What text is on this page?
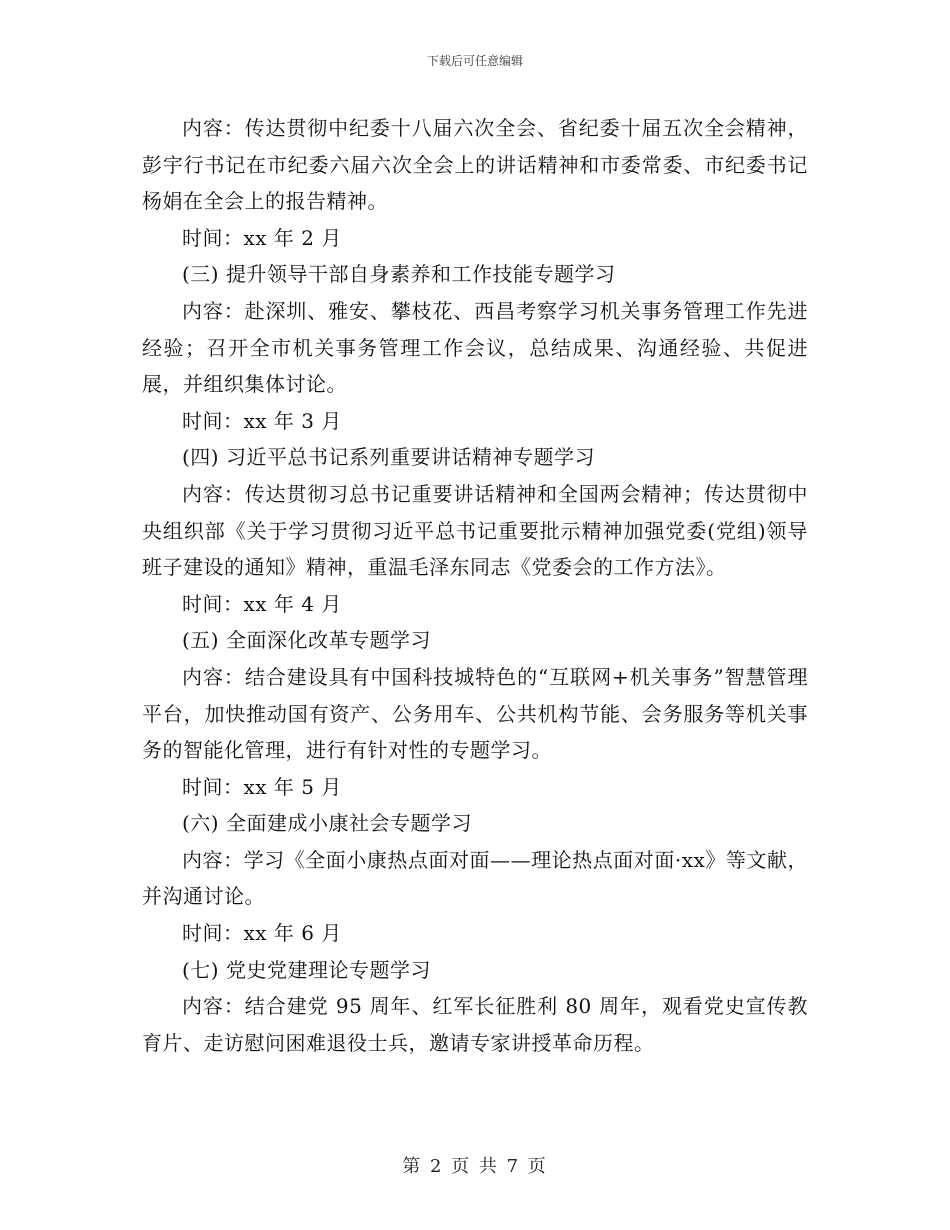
下载后可任意编辑

内容：传达贯彻中纪委十八届六次全会、省纪委十届五次全会精神，彭宇行书记在市纪委六届六次全会上的讲话精神和市委常委、市纪委书记杨娟在全会上的报告精神。

时间：xx 年 2 月

(三) 提升领导干部自身素养和工作技能专题学习

内容：赴深圳、雅安、攀枝花、西昌考察学习机关事务管理工作先进经验；召开全市机关事务管理工作会议，总结成果、沟通经验、共促进展，并组织集体讨论。

时间：xx 年 3 月

(四) 习近平总书记系列重要讲话精神专题学习

内容：传达贯彻习总书记重要讲话精神和全国两会精神；传达贯彻中央组织部《关于学习贯彻习近平总书记重要批示精神加强党委(党组)领导班子建设的通知》精神，重温毛泽东同志《党委会的工作方法》。

时间：xx 年 4 月

(五) 全面深化改革专题学习

内容：结合建设具有中国科技城特色的“互联网+机关事务”智慧管理平台，加快推动国有资产、公务用车、公共机构节能、会务服务等机关事务的智能化管理，进行有针对性的专题学习。

时间：xx 年 5 月

(六) 全面建成小康社会专题学习

内容：学习《全面小康热点面对面——理论热点面对面·xx》等文献，并沟通讨论。

时间：xx 年 6 月

(七) 党史党建理论专题学习

内容：结合建党 95 周年、红军长征胜利 80 周年，观看党史宣传教育片、走访慰问困难退役士兵，邀请专家讲授革命历程。

第 2 页 共 7 页
